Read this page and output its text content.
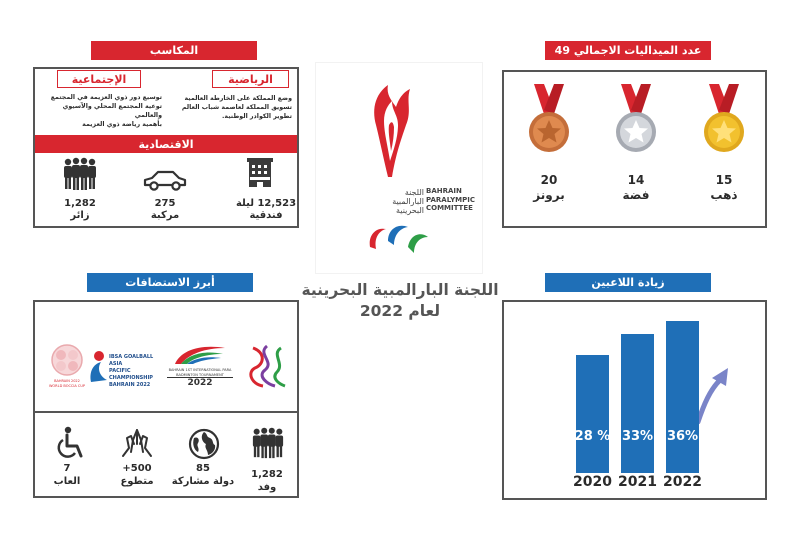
المكاسب
الرياضية
الإجتماعية
وضع المملكة على الخارطة العالمية
تسويق المملكة لعاصمة شباب العالم
تطوير الكوادر الوطنية.
توسيع دور ذوي العزيمة في المجتمع
توعية المجتمع المحلي والآسيوي والعالمي
بأهمية رياضة ذوي العزيمة
الاقتصادية
12,523 ليلة
فندقية
275
مركبة
1,282
زائر
اللجنة البارالمبية البحرينية
BAHRAIN PARALYMPIC COMMITTEE
اللجنة البارالمبية البحرينية
لعام 2022
عدد الميداليات الاجمالي 49
15
ذهب
14
فضة
20
برونز
أبرز الاستضافات
BAHRAIN 1ST INTERNATIONAL PARA BADMINTON TOURNAMENT
2022
IBSA GOALBALL ASIA
PACIFIC CHAMPIONSHIP
BAHRAIN 2022
BAHRAIN 2022 WORLD BOCCIA CUP
1,282
وفد
85
دولة مشاركة
500+
متطوع
7
العاب
زيادة اللاعبين
28 %
2020
33%
2021
36%
2022
